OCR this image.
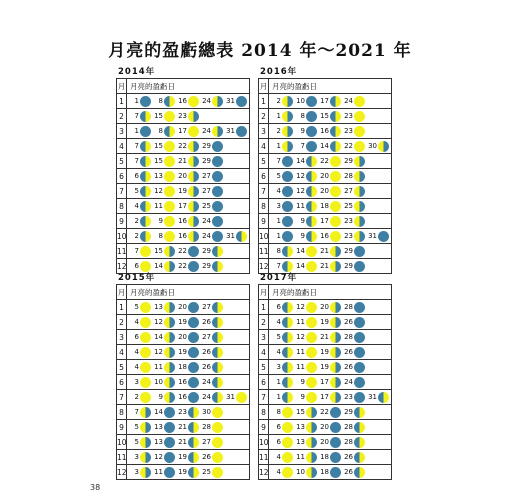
月亮的盈虧總表 2014 年～2021 年
2014年
月	月亮的盈虧日
1	1 8 16 24 31

2	7 15 23

3	1 8 17 24 31

4	7 15 22 29

5	7 15 21 29

6	6 13 20 27

7	5 12 19 27

8	4 11 17 25

9	2 9 16 24

10	2 8 16 24 31

11	7 15 22 29

12	6 14 22 29
2016年
月	月亮的盈虧日
1	2 10 17 24

2	1 8 15 23

3	2 9 16 23

4	1 7 14 22 30

5	7 14 22 29

6	5 12 20 28

7	4 12 20 27

8	3 11 18 25

9	1 9 17 23

10	1 9 16 23 31

11	8 14 21 29

12	7 14 21 29
2015年
月	月亮的盈虧日
1	5 13 20 27

2	4 12 19 26

3	6 14 20 27

4	4 12 19 26

5	4 11 18 26

6	3 10 16 24

7	2 9 16 24 31

8	7 14 23 30

9	5 13 21 28

10	5 13 21 27

11	3 12 19 26

12	3 11 19 25
2017年
月	月亮的盈虧日
1	6 12 20 28

2	4 11 19 26

3	5 12 21 28

4	4 11 19 26

5	3 11 19 26

6	1 9 17 24

7	1 9 17 23 31

8	8 15 22 29

9	6 13 20 28

10	6 13 20 28

11	4 11 18 26

12	4 10 18 26
38
